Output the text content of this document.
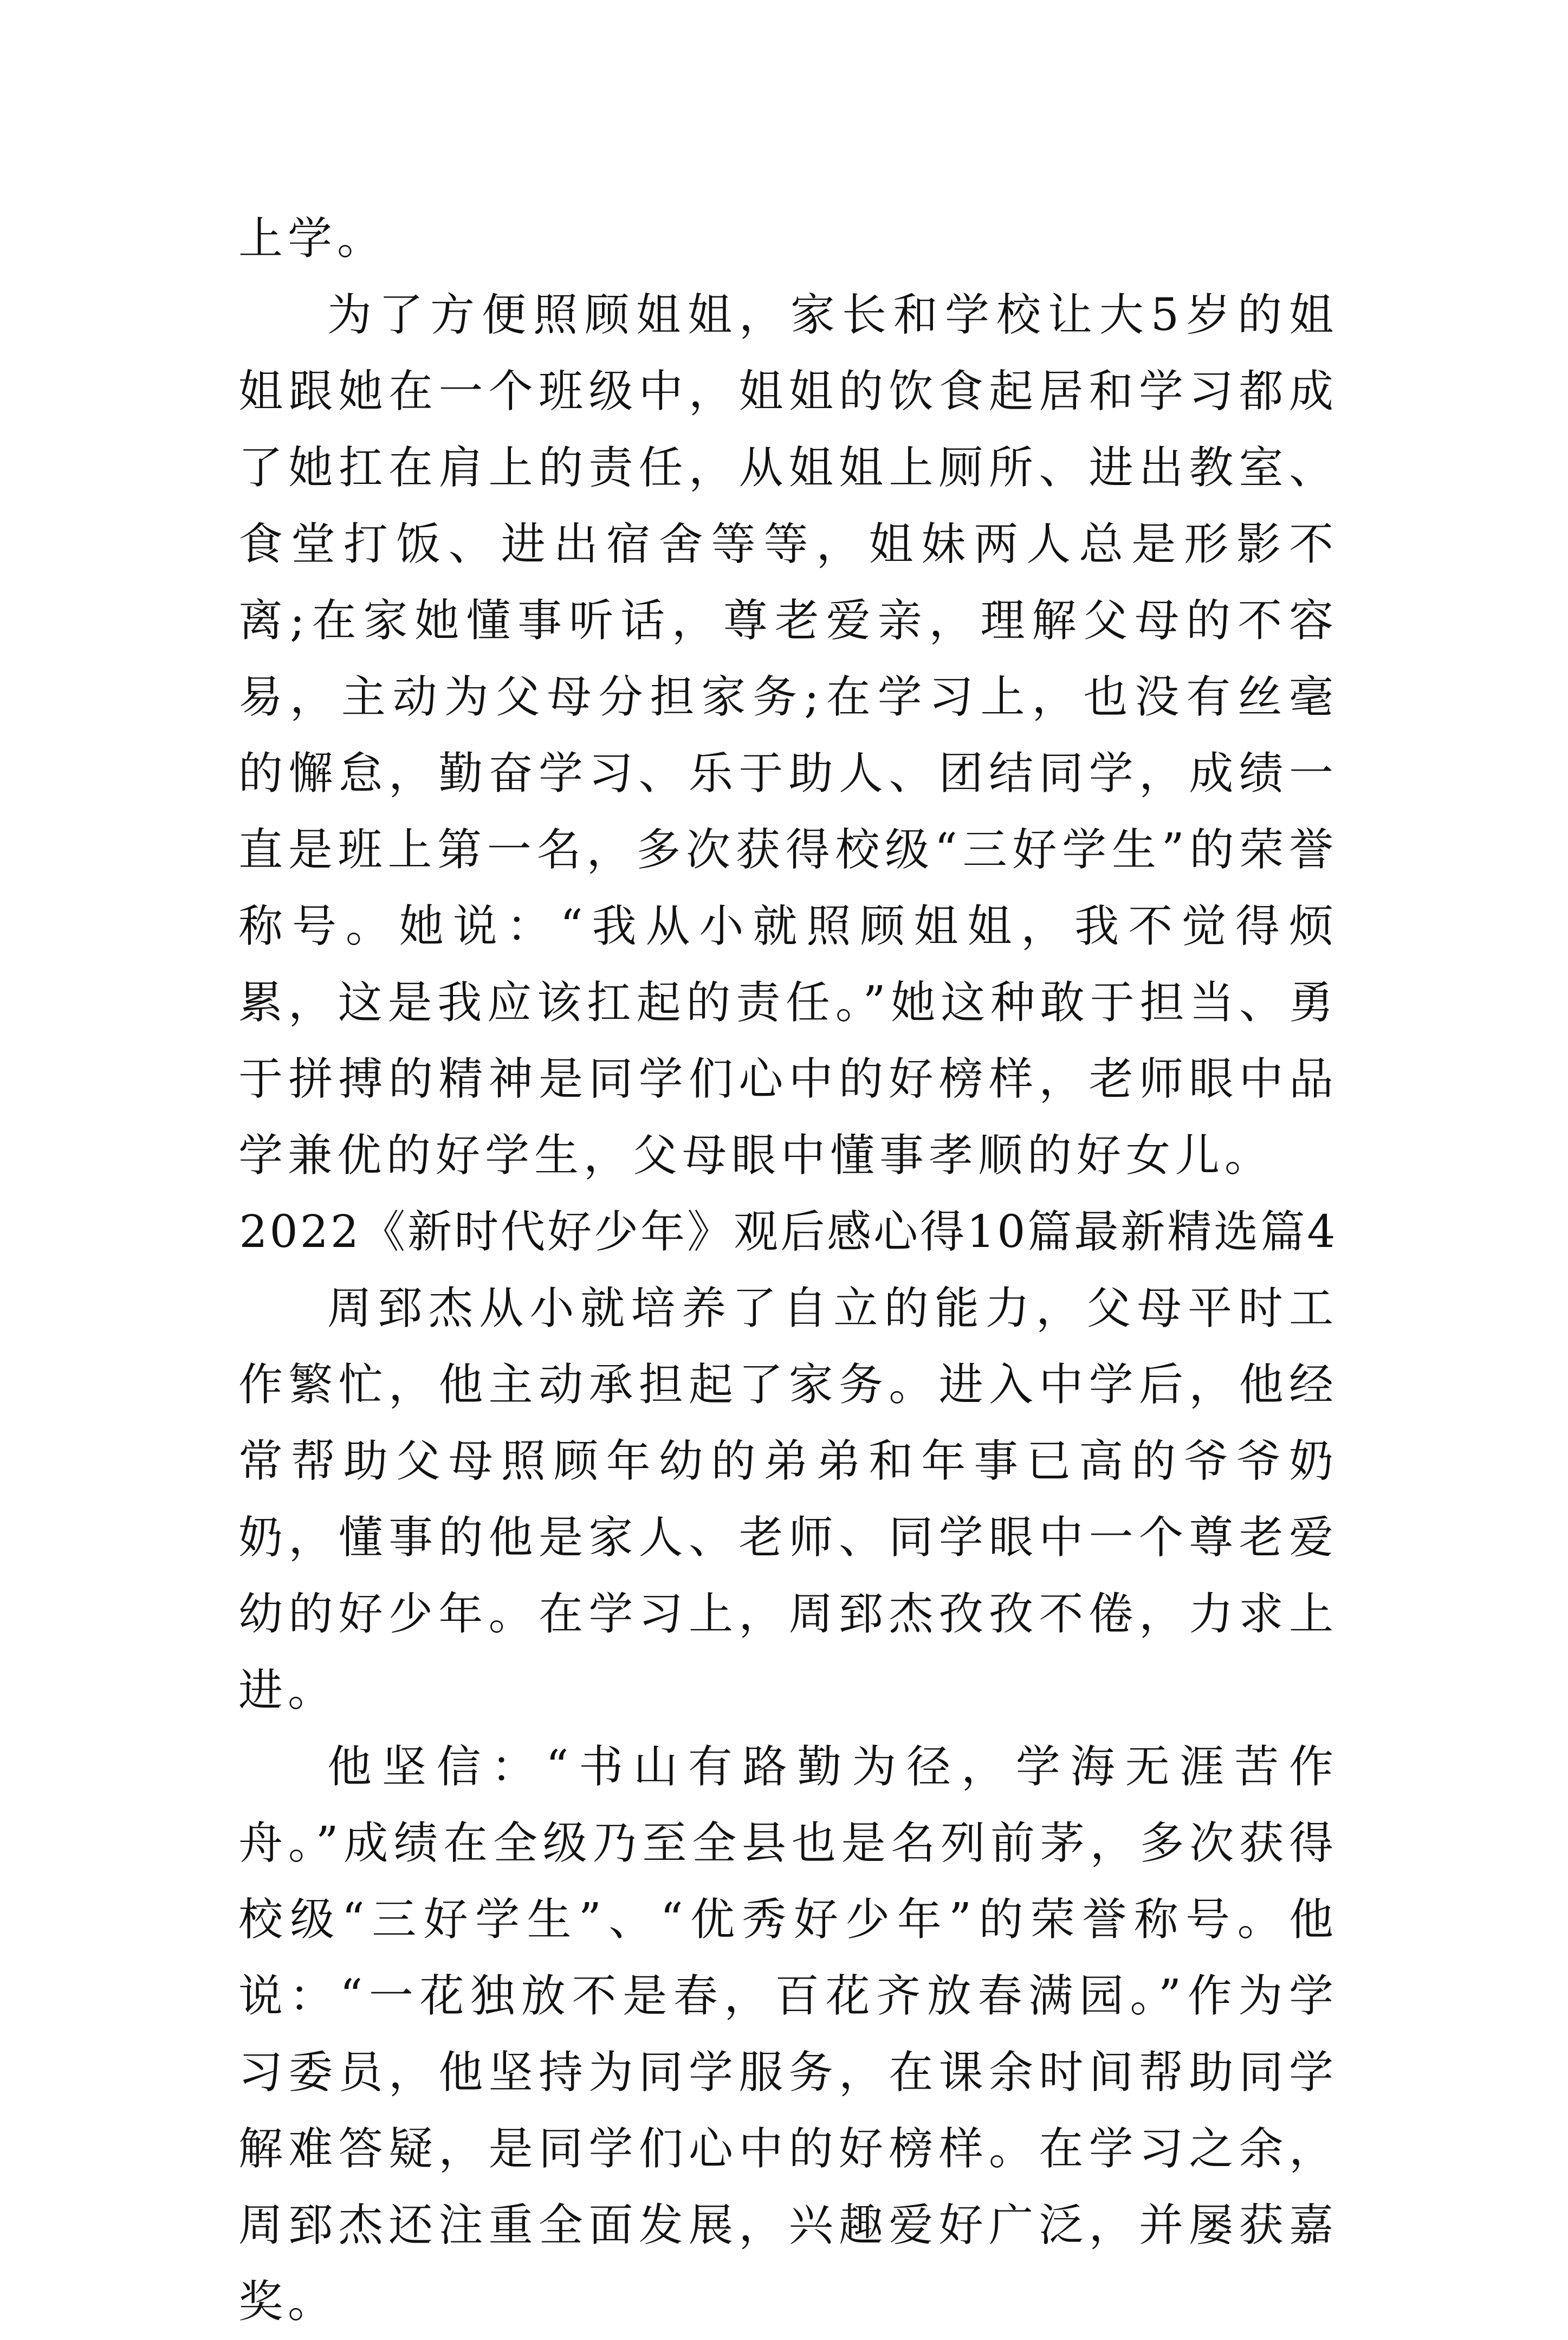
上学。

为了方便照顾姐姐，家长和学校让大5岁的姐姐跟她在一个班级中，姐姐的饮食起居和学习都成了她扛在肩上的责任，从姐姐上厕所、进出教室、食堂打饭、进出宿舍等等，姐妹两人总是形影不离;在家她懂事听话，尊老爱亲，理解父母的不容易，主动为父母分担家务;在学习上，也没有丝毫的懈怠，勤奋学习、乐于助人、团结同学，成绩一直是班上第一名，多次获得校级“三好学生”的荣誉称号。她说：“我从小就照顾姐姐，我不觉得烦累，这是我应该扛起的责任。”她这种敢于担当、勇于拼搏的精神是同学们心中的好榜样，老师眼中品学兼优的好学生，父母眼中懂事孝顺的好女儿。

2022《新时代好少年》观后感心得10篇最新精选篇4

周郅杰从小就培养了自立的能力，父母平时工作繁忙，他主动承担起了家务。进入中学后，他经常帮助父母照顾年幼的弟弟和年事已高的爷爷奶奶，懂事的他是家人、老师、同学眼中一个尊老爱幼的好少年。在学习上，周郅杰孜孜不倦，力求上进。

他坚信：“书山有路勤为径，学海无涯苦作舟。”成绩在全级乃至全县也是名列前茅，多次获得校级“三好学生”、“优秀好少年”的荣誉称号。他说：“一花独放不是春，百花齐放春满园。”作为学习委员，他坚持为同学服务，在课余时间帮助同学解难答疑，是同学们心中的好榜样。在学习之余，周郅杰还注重全面发展，兴趣爱好广泛，并屡获嘉奖。
